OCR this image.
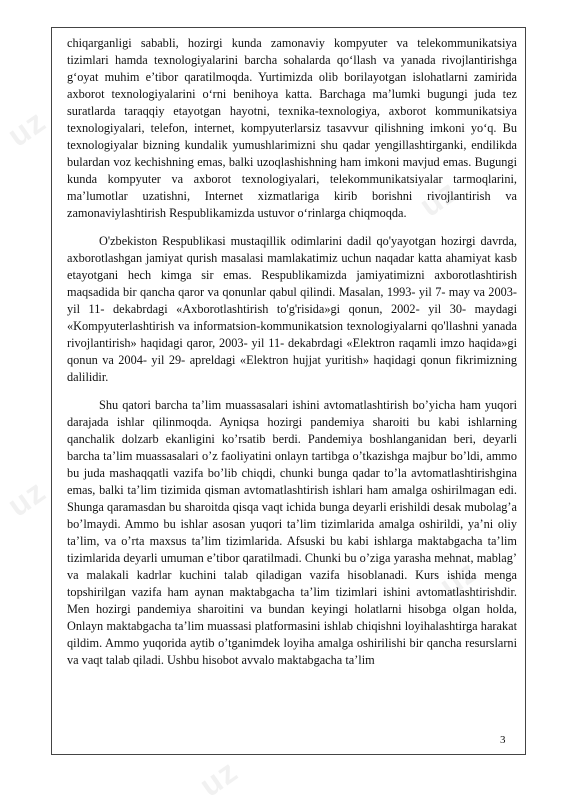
uz
uz
uz
uz
uz

chiqarganligi sababli, hozirgi kunda zamonaviy kompyuter va telekommunikatsiya tizimlari hamda texnologiyalarini barcha sohalarda qo‘llash va yanada rivojlantirishga g‘oyat muhim e’tibor qaratilmoqda. Yurtimizda olib borilayotgan islohatlarni zamirida axborot texnologiyalarini o‘rni benihoya katta. Barchaga ma’lumki bugungi juda tez suratlarda taraqqiy etayotgan hayotni, texnika-texnologiya, axborot kommunikatsiya texnologiyalari, telefon, internet, kompyuterlarsiz tasavvur qilishning imkoni yo‘q. Bu texnologiyalar bizning kundalik yumushlarimizni shu qadar yengillashtirganki, endilikda bulardan voz kechishning emas, balki uzoqlashishning ham imkoni mavjud emas. Bugungi kunda kompyuter va axborot texnologiyalari, telekommunikatsiyalar tarmoqlarini, ma’lumotlar uzatishni, Internet xizmatlariga kirib borishni rivojlantirish va zamonaviylashtirish Respublikamizda ustuvor o‘rinlarga chiqmoqda.

O'zbekiston Respublikasi mustaqillik odimlarini dadil qo'yayotgan hozirgi davrda, axborotlashgan jamiyat qurish masalasi mamlakatimiz uchun naqadar katta ahamiyat kasb etayotgani hech kimga sir emas. Respublikamizda jamiyatimizni axborotlashtirish maqsadida bir qancha qaror va qonunlar qabul qilindi. Masalan, 1993- yil 7- may va 2003- yil 11- dekabrdagi «Axborotlashtirish to'g'risida»gi qonun, 2002- yil 30- maydagi «Kompyuterlashtirish va informatsion-kommunikatsion texnologiyalarni qo'llashni yanada rivojlantirish» haqidagi qaror, 2003- yil 11- dekabrdagi «Elektron raqamli imzo haqida»gi qonun va 2004- yil 29- apreldagi «Elektron hujjat yuritish» haqidagi qonun fikrimizning dalilidir.

Shu qatori barcha ta’lim muassasalari ishini avtomatlashtirish bo’yicha ham yuqori darajada ishlar qilinmoqda. Ayniqsa hozirgi pandemiya sharoiti bu kabi ishlarning qanchalik dolzarb ekanligini ko’rsatib berdi. Pandemiya boshlanganidan beri, deyarli barcha ta’lim muassasalari o’z faoliyatini onlayn tartibga o’tkazishga majbur bo’ldi, ammo bu juda mashaqqatli vazifa bo’lib chiqdi, chunki bunga qadar to’la avtomatlashtirishgina emas, balki ta’lim tizimida qisman avtomatlashtirish ishlari ham amalga oshirilmagan edi. Shunga qaramasdan bu sharoitda qisqa vaqt ichida bunga deyarli erishildi desak mubolag’a bo’lmaydi. Ammo bu ishlar asosan yuqori ta’lim tizimlarida amalga oshirildi, ya’ni oliy ta’lim, va o’rta maxsus ta’lim tizimlarida. Afsuski bu kabi ishlarga maktabgacha ta’lim tizimlarida deyarli umuman e’tibor qaratilmadi. Chunki bu o’ziga yarasha mehnat, mablag’ va malakali kadrlar kuchini talab qiladigan vazifa hisoblanadi. Kurs ishida menga topshirilgan vazifa ham aynan maktabgacha ta’lim tizimlari ishini avtomatlashtirishdir. Men hozirgi pandemiya sharoitini va bundan keyingi holatlarni hisobga olgan holda, Onlayn maktabgacha ta’lim muassasi platformasini ishlab chiqishni loyihalashtirga harakat qildim. Ammo yuqorida aytib o’tganimdek loyiha amalga oshirilishi bir qancha resurslarni va vaqt talab qiladi. Ushbu hisobot avvalo maktabgacha ta’lim

3
